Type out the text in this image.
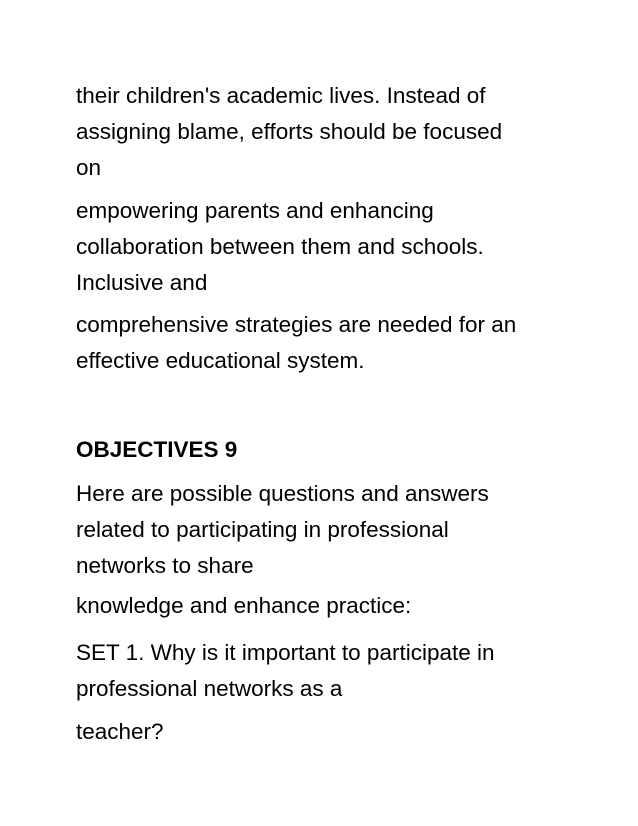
their children's academic lives. Instead of
assigning blame, efforts should be focused
on

empowering parents and enhancing
collaboration between them and schools.
Inclusive and

comprehensive strategies are needed for an
effective educational system.

OBJECTIVES 9

Here are possible questions and answers
related to participating in professional
networks to share

knowledge and enhance practice:

SET 1. Why is it important to participate in
professional networks as a

teacher?
